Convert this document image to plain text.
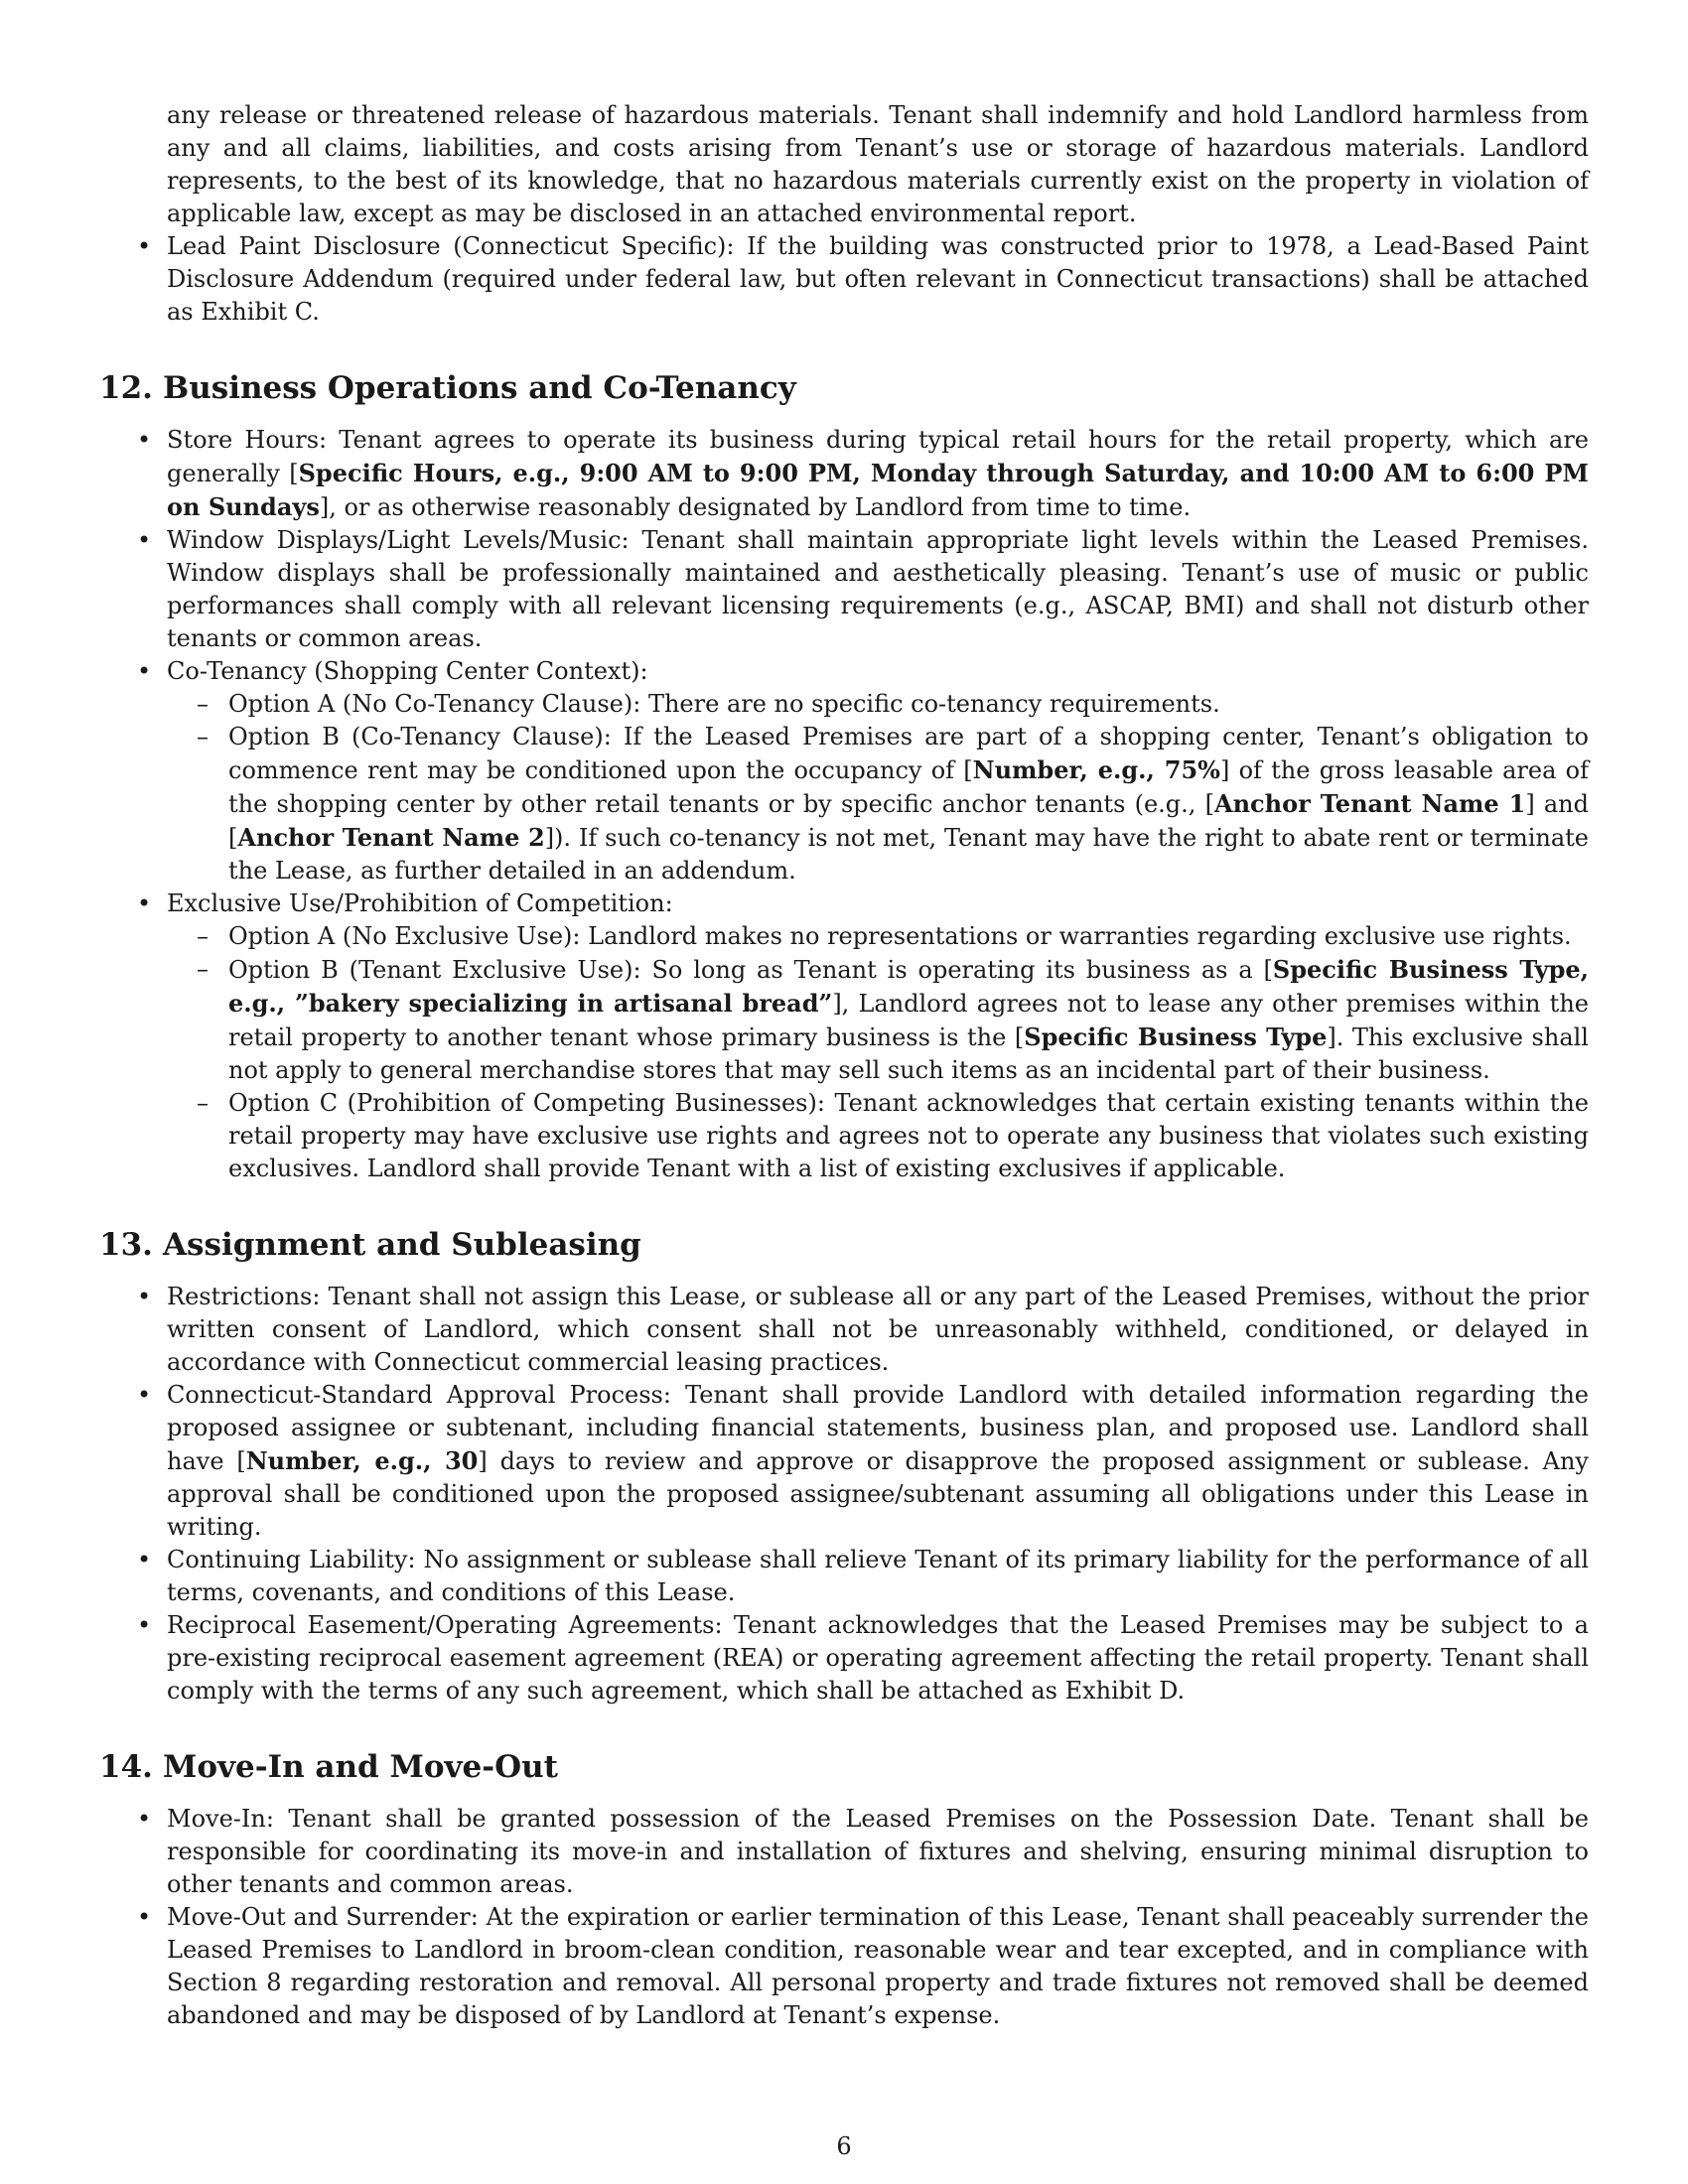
any release or threatened release of hazardous materials. Tenant shall indemnify and hold Landlord harmless from any and all claims, liabilities, and costs arising from Tenant’s use or storage of hazardous materials. Landlord represents, to the best of its knowledge, that no hazardous materials currently exist on the property in violation of applicable law, except as may be disclosed in an attached environmental report.

• Lead Paint Disclosure (Connecticut Specific): If the building was constructed prior to 1978, a Lead-Based Paint Disclosure Addendum (required under federal law, but often relevant in Connecticut transactions) shall be attached as Exhibit C.
12. Business Operations and Co-Tenancy
• Store Hours: Tenant agrees to operate its business during typical retail hours for the retail property, which are generally [Specific Hours, e.g., 9:00 AM to 9:00 PM, Monday through Saturday, and 10:00 AM to 6:00 PM on Sundays], or as otherwise reasonably designated by Landlord from time to time.
• Window Displays/Light Levels/Music: Tenant shall maintain appropriate light levels within the Leased Premises. Window displays shall be professionally maintained and aesthetically pleasing. Tenant’s use of music or public performances shall comply with all relevant licensing requirements (e.g., ASCAP, BMI) and shall not disturb other tenants or common areas.
• Co-Tenancy (Shopping Center Context):
– Option A (No Co-Tenancy Clause): There are no specific co-tenancy requirements.
– Option B (Co-Tenancy Clause): If the Leased Premises are part of a shopping center, Tenant’s obligation to commence rent may be conditioned upon the occupancy of [Number, e.g., 75%] of the gross leasable area of the shopping center by other retail tenants or by specific anchor tenants (e.g., [Anchor Tenant Name 1] and [Anchor Tenant Name 2]). If such co-tenancy is not met, Tenant may have the right to abate rent or terminate the Lease, as further detailed in an addendum.
• Exclusive Use/Prohibition of Competition:
– Option A (No Exclusive Use): Landlord makes no representations or warranties regarding exclusive use rights.
– Option B (Tenant Exclusive Use): So long as Tenant is operating its business as a [Specific Business Type, e.g., ”bakery specializing in artisanal bread”], Landlord agrees not to lease any other premises within the retail property to another tenant whose primary business is the [Specific Business Type]. This exclusive shall not apply to general merchandise stores that may sell such items as an incidental part of their business.
– Option C (Prohibition of Competing Businesses): Tenant acknowledges that certain existing tenants within the retail property may have exclusive use rights and agrees not to operate any business that violates such existing exclusives. Landlord shall provide Tenant with a list of existing exclusives if applicable.
13. Assignment and Subleasing
• Restrictions: Tenant shall not assign this Lease, or sublease all or any part of the Leased Premises, without the prior written consent of Landlord, which consent shall not be unreasonably withheld, conditioned, or delayed in accordance with Connecticut commercial leasing practices.
• Connecticut-Standard Approval Process: Tenant shall provide Landlord with detailed information regarding the proposed assignee or subtenant, including financial statements, business plan, and proposed use. Landlord shall have [Number, e.g., 30] days to review and approve or disapprove the proposed assignment or sublease. Any approval shall be conditioned upon the proposed assignee/subtenant assuming all obligations under this Lease in writing.
• Continuing Liability: No assignment or sublease shall relieve Tenant of its primary liability for the performance of all terms, covenants, and conditions of this Lease.
• Reciprocal Easement/Operating Agreements: Tenant acknowledges that the Leased Premises may be subject to a pre-existing reciprocal easement agreement (REA) or operating agreement affecting the retail property. Tenant shall comply with the terms of any such agreement, which shall be attached as Exhibit D.
14. Move-In and Move-Out
• Move-In: Tenant shall be granted possession of the Leased Premises on the Possession Date. Tenant shall be responsible for coordinating its move-in and installation of fixtures and shelving, ensuring minimal disruption to other tenants and common areas.
• Move-Out and Surrender: At the expiration or earlier termination of this Lease, Tenant shall peaceably surrender the Leased Premises to Landlord in broom-clean condition, reasonable wear and tear excepted, and in compliance with Section 8 regarding restoration and removal. All personal property and trade fixtures not removed shall be deemed abandoned and may be disposed of by Landlord at Tenant’s expense.
6
